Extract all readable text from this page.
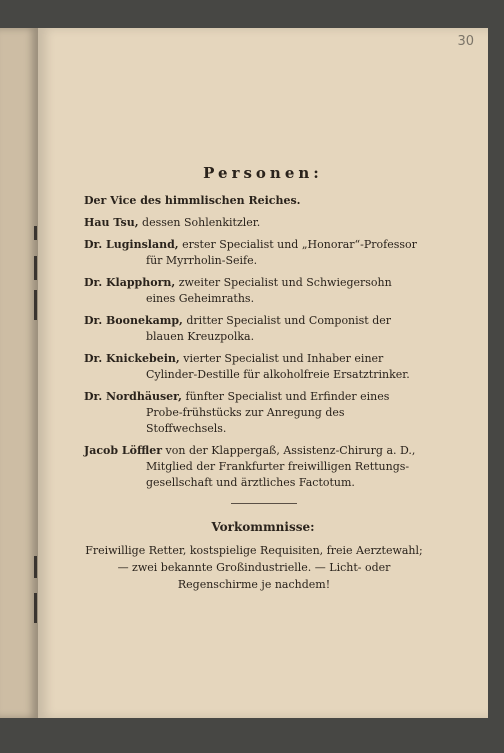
30
Personen:
Der Vice des himmlischen Reiches.
Hau Tsu, dessen Sohlenkitzler.
Dr. Luginsland, erster Specialist und „Honorar“-Professor für Myrrholin-Seife.
Dr. Klapphorn, zweiter Specialist und Schwiegersohn eines Geheimraths.
Dr. Boonekamp, dritter Specialist und Componist der blauen Kreuzpolka.
Dr. Knickebein, vierter Specialist und Inhaber einer Cylinder-Destille für alkoholfreie Ersatztrinker.
Dr. Nordhäuser, fünfter Specialist und Erfinder eines Probe-frühstücks zur Anregung des Stoffwechsels.
Jacob Löffler von der Klappergaß, Assistenz-Chirurg a. D., Mitglied der Frankfurter freiwilligen Rettungs-gesellschaft und ärztliches Factotum.
Vorkommnisse:
Freiwillige Retter, kostspielige Requisiten, freie Aerztewahl; — zwei bekannte Großindustrielle. — Licht- oder Regenschirme je nachdem!
